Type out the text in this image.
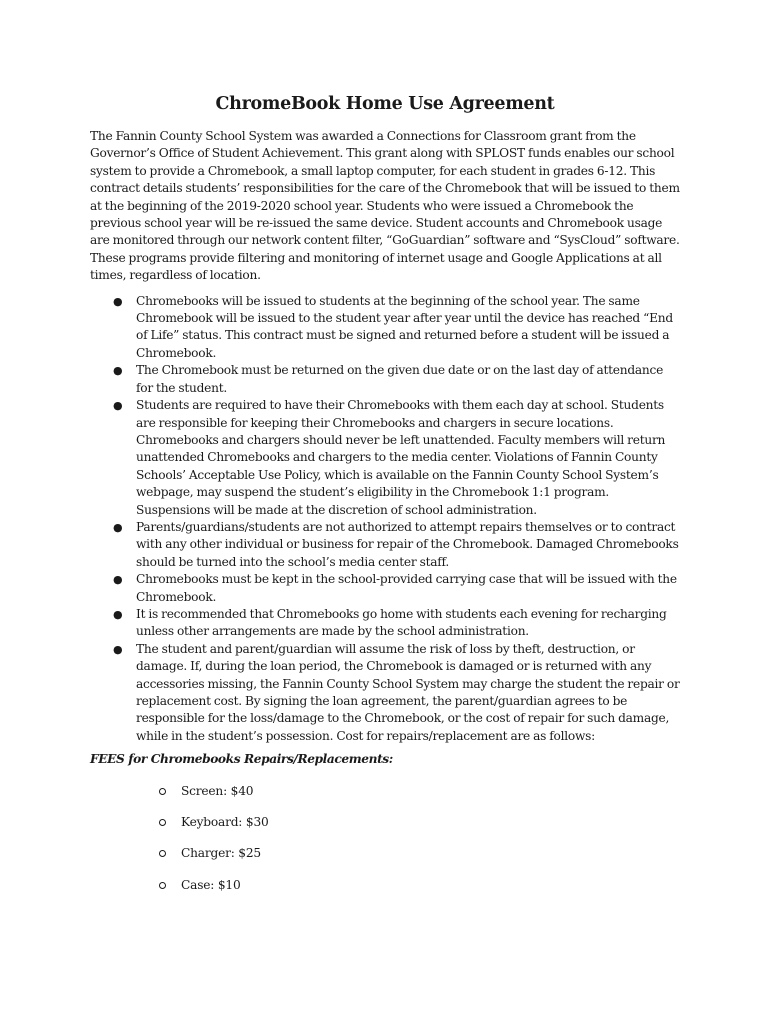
ChromeBook Home Use Agreement

The Fannin County School System was awarded a Connections for Classroom grant from the Governor’s Office of Student Achievement. This grant along with SPLOST funds enables our school system to provide a Chromebook, a small laptop computer, for each student in grades 6-12. This contract details students’ responsibilities for the care of the Chromebook that will be issued to them at the beginning of the 2019-2020 school year. Students who were issued a Chromebook the previous school year will be re-issued the same device. Student accounts and Chromebook usage are monitored through our network content filter, “GoGuardian” software and “SysCloud” software. These programs provide filtering and monitoring of internet usage and Google Applications at all times, regardless of location.

● Chromebooks will be issued to students at the beginning of the school year. The same Chromebook will be issued to the student year after year until the device has reached “End of Life” status. This contract must be signed and returned before a student will be issued a Chromebook.
● The Chromebook must be returned on the given due date or on the last day of attendance for the student.
● Students are required to have their Chromebooks with them each day at school. Students are responsible for keeping their Chromebooks and chargers in secure locations. Chromebooks and chargers should never be left unattended. Faculty members will return unattended Chromebooks and chargers to the media center. Violations of Fannin County Schools’ Acceptable Use Policy, which is available on the Fannin County School System’s webpage, may suspend the student’s eligibility in the Chromebook 1:1 program. Suspensions will be made at the discretion of school administration.
● Parents/guardians/students are not authorized to attempt repairs themselves or to contract with any other individual or business for repair of the Chromebook. Damaged Chromebooks should be turned into the school’s media center staff.
● Chromebooks must be kept in the school-provided carrying case that will be issued with the Chromebook.
● It is recommended that Chromebooks go home with students each evening for recharging unless other arrangements are made by the school administration.
● The student and parent/guardian will assume the risk of loss by theft, destruction, or damage. If, during the loan period, the Chromebook is damaged or is returned with any accessories missing, the Fannin County School System may charge the student the repair or replacement cost. By signing the loan agreement, the parent/guardian agrees to be responsible for the loss/damage to the Chromebook, or the cost of repair for such damage, while in the student’s possession. Cost for repairs/replacement are as follows:

FEES for Chromebooks Repairs/Replacements:

Screen: $40
Keyboard: $30
Charger: $25
Case: $10
